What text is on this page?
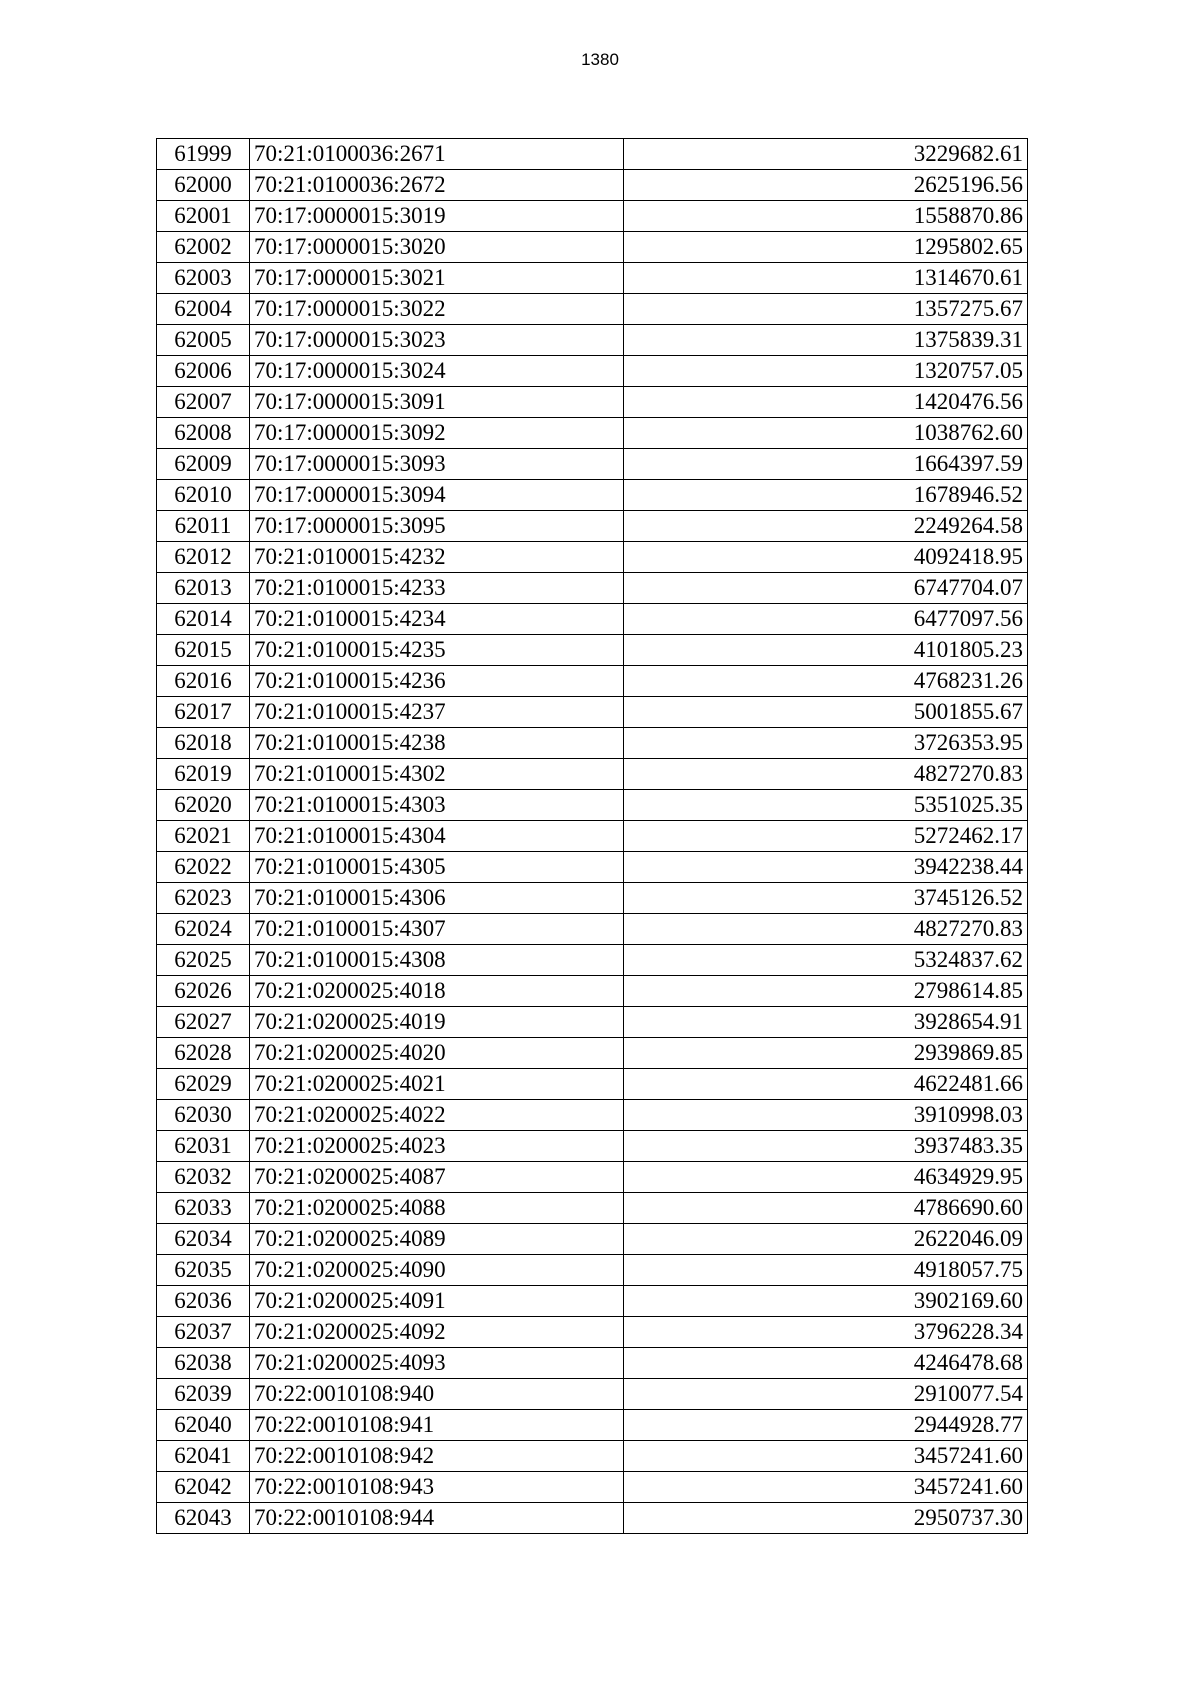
1380
61999	70:21:0100036:2671	3229682.61
62000	70:21:0100036:2672	2625196.56
62001	70:17:0000015:3019	1558870.86
62002	70:17:0000015:3020	1295802.65
62003	70:17:0000015:3021	1314670.61
62004	70:17:0000015:3022	1357275.67
62005	70:17:0000015:3023	1375839.31
62006	70:17:0000015:3024	1320757.05
62007	70:17:0000015:3091	1420476.56
62008	70:17:0000015:3092	1038762.60
62009	70:17:0000015:3093	1664397.59
62010	70:17:0000015:3094	1678946.52
62011	70:17:0000015:3095	2249264.58
62012	70:21:0100015:4232	4092418.95
62013	70:21:0100015:4233	6747704.07
62014	70:21:0100015:4234	6477097.56
62015	70:21:0100015:4235	4101805.23
62016	70:21:0100015:4236	4768231.26
62017	70:21:0100015:4237	5001855.67
62018	70:21:0100015:4238	3726353.95
62019	70:21:0100015:4302	4827270.83
62020	70:21:0100015:4303	5351025.35
62021	70:21:0100015:4304	5272462.17
62022	70:21:0100015:4305	3942238.44
62023	70:21:0100015:4306	3745126.52
62024	70:21:0100015:4307	4827270.83
62025	70:21:0100015:4308	5324837.62
62026	70:21:0200025:4018	2798614.85
62027	70:21:0200025:4019	3928654.91
62028	70:21:0200025:4020	2939869.85
62029	70:21:0200025:4021	4622481.66
62030	70:21:0200025:4022	3910998.03
62031	70:21:0200025:4023	3937483.35
62032	70:21:0200025:4087	4634929.95
62033	70:21:0200025:4088	4786690.60
62034	70:21:0200025:4089	2622046.09
62035	70:21:0200025:4090	4918057.75
62036	70:21:0200025:4091	3902169.60
62037	70:21:0200025:4092	3796228.34
62038	70:21:0200025:4093	4246478.68
62039	70:22:0010108:940	2910077.54
62040	70:22:0010108:941	2944928.77
62041	70:22:0010108:942	3457241.60
62042	70:22:0010108:943	3457241.60
62043	70:22:0010108:944	2950737.30
